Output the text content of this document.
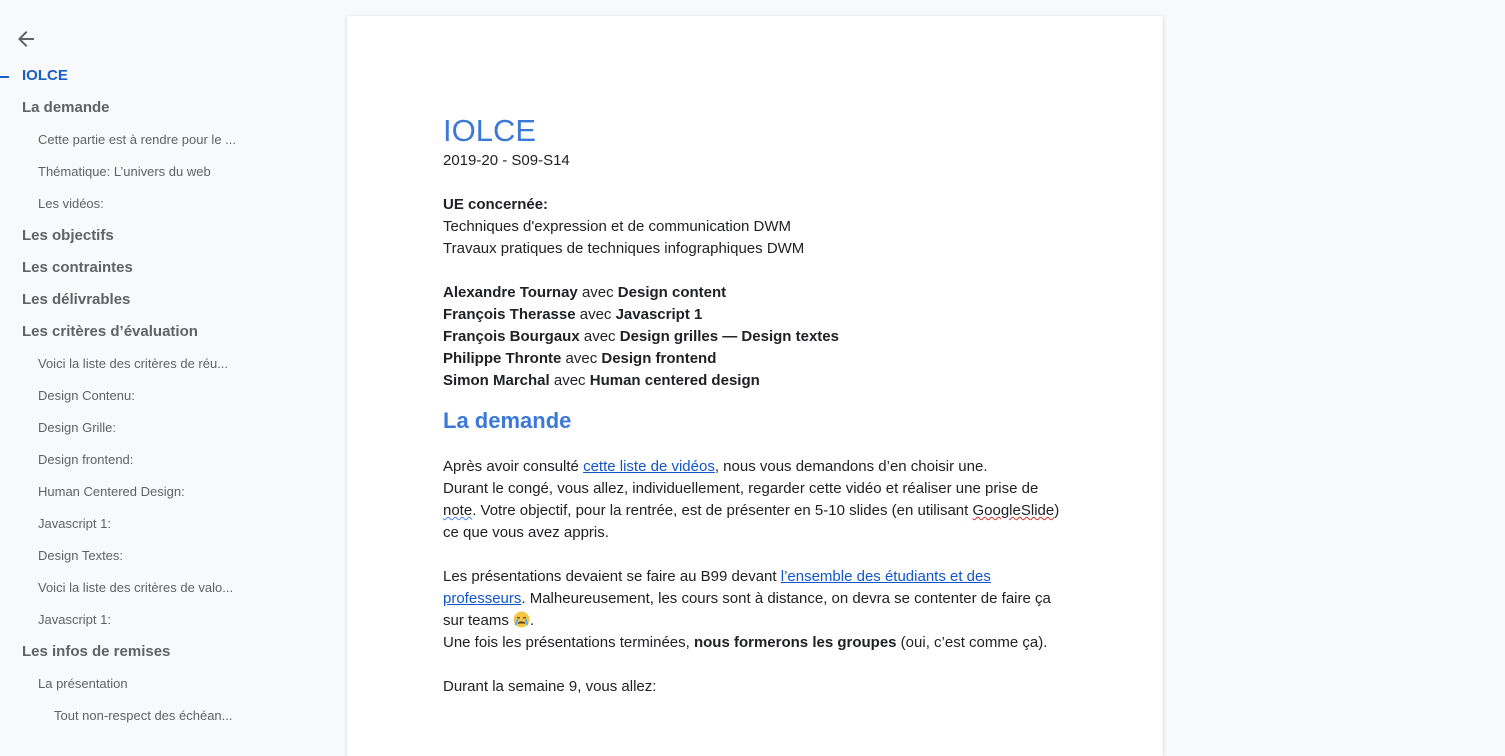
IOLCE
La demande
Cette partie est à rendre pour le ...
Thématique: L’univers du web
Les vidéos:
Les objectifs
Les contraintes
Les délivrables
Les critères d’évaluation
Voici la liste des critères de réu...
Design Contenu:
Design Grille:
Design frontend:
Human Centered Design:
Javascript 1:
Design Textes:
Voici la liste des critères de valo...
Javascript 1:
Les infos de remises
La présentation
Tout non-respect des échéan...
IOLCE

2019-20 - S09-S14

UE concernée:

Techniques d'expression et de communication DWM

Travaux pratiques de techniques infographiques DWM

Alexandre Tournay avec Design content

François Therasse avec Javascript 1

François Bourgaux avec Design grilles — Design textes

Philippe Thronte avec Design frontend

Simon Marchal avec Human centered design

La demande

Après avoir consulté cette liste de vidéos, nous vous demandons d’en choisir une.
Durant le congé, vous allez, individuellement, regarder cette vidéo et réaliser une prise de note. Votre objectif, pour la rentrée, est de présenter en 5-10 slides (en utilisant GoogleSlide) ce que vous avez appris.

Les présentations devaient se faire au B99 devant l’ensemble des étudiants et des professeurs. Malheureusement, les cours sont à distance, on devra se contenter de faire ça sur teams .
Une fois les présentations terminées, nous formerons les groupes (oui, c’est comme ça).

Durant la semaine 9, vous allez:
